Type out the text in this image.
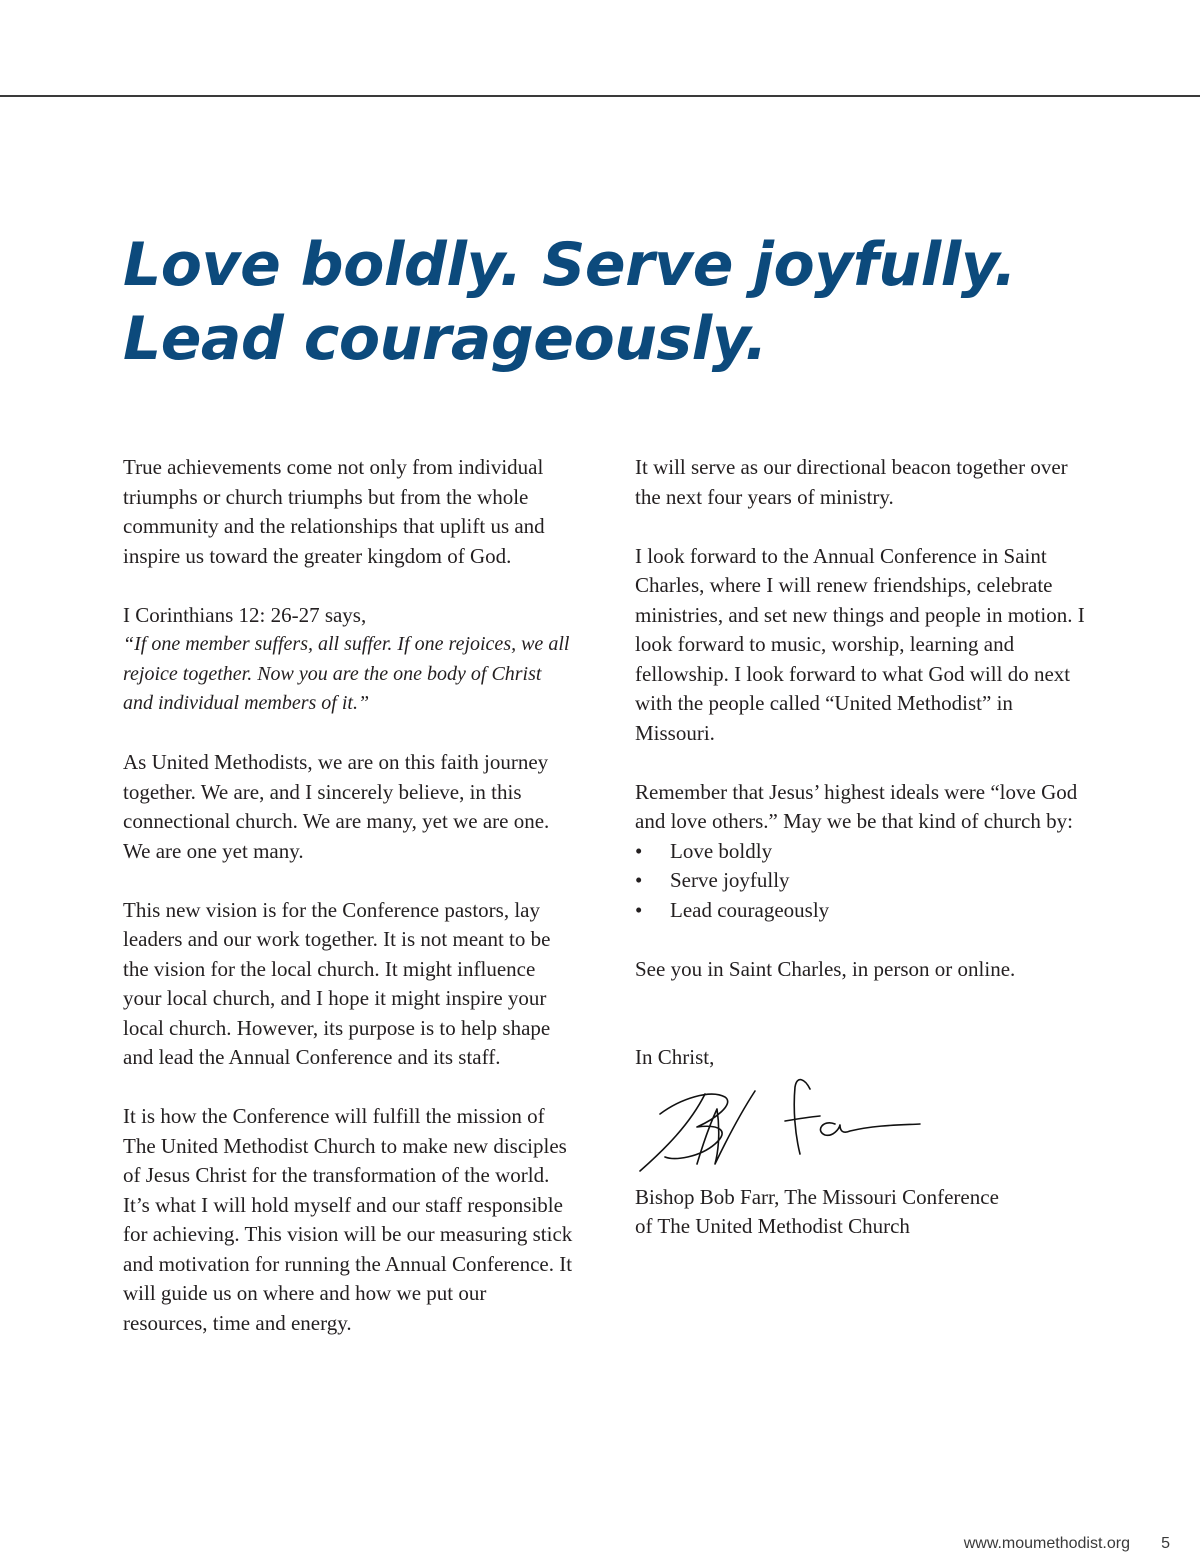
Love boldly. Serve joyfully.
Lead courageously.

True achievements come not only from individual triumphs or church triumphs but from the whole community and the relationships that uplift us and inspire us toward the greater kingdom of God.

I Corinthians 12: 26-27 says,

“If one member suffers, all suffer. If one rejoices, we all rejoice together. Now you are the one body of Christ and individual members of it.”

As United Methodists, we are on this faith journey together. We are, and I sincerely believe, in this connectional church. We are many, yet we are one. We are one yet many.

This new vision is for the Conference pastors, lay leaders and our work together. It is not meant to be the vision for the local church. It might influence your local church, and I hope it might inspire your local church. However, its purpose is to help shape and lead the Annual Conference and its staff.

It is how the Conference will fulfill the mission of The United Methodist Church to make new disciples of Jesus Christ for the transformation of the world. It’s what I will hold myself and our staff responsible for achieving. This vision will be our measuring stick and motivation for running the Annual Conference. It will guide us on where and how we put our resources, time and energy.

It will serve as our directional beacon together over the next four years of ministry.

I look forward to the Annual Conference in Saint Charles, where I will renew friendships, celebrate ministries, and set new things and people in motion. I look forward to music, worship, learning and fellowship. I look forward to what God will do next with the people called “United Methodist” in Missouri.

Remember that Jesus’ highest ideals were “love God and love others.” May we be that kind of church by:

• Love boldly
• Serve joyfully
• Lead courageously

See you in Saint Charles, in person or online.

In Christ,

Bishop Bob Farr, The Missouri Conference

of The United Methodist Church

www.moumethodist.org 5
